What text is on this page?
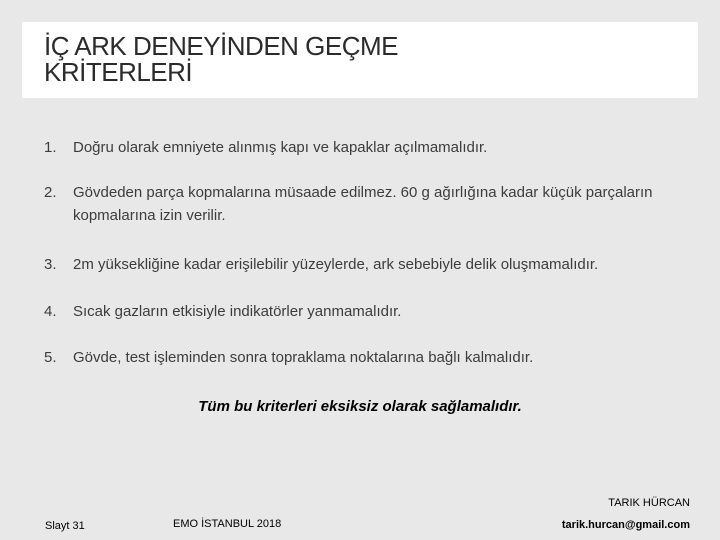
İÇ ARK DENEYİNDEN GEÇME
KRİTERLERİ
1. Doğru olarak emniyete alınmış kapı ve kapaklar açılmamalıdır.
2. Gövdeden parça kopmalarına müsaade edilmez. 60 g ağırlığına kadar küçük parçaların kopmalarına izin verilir.
3. 2m yüksekliğine kadar erişilebilir yüzeylerde, ark sebebiyle delik oluşmamalıdır.
4. Sıcak gazların etkisiyle indikatörler yanmamalıdır.
5. Gövde, test işleminden sonra topraklama noktalarına bağlı kalmalıdır.

Tüm bu kriterleri eksiksiz olarak sağlamalıdır.

TARIK HÜRCAN
Slayt 31	EMO İSTANBUL 2018	tarik.hurcan@gmail.com
